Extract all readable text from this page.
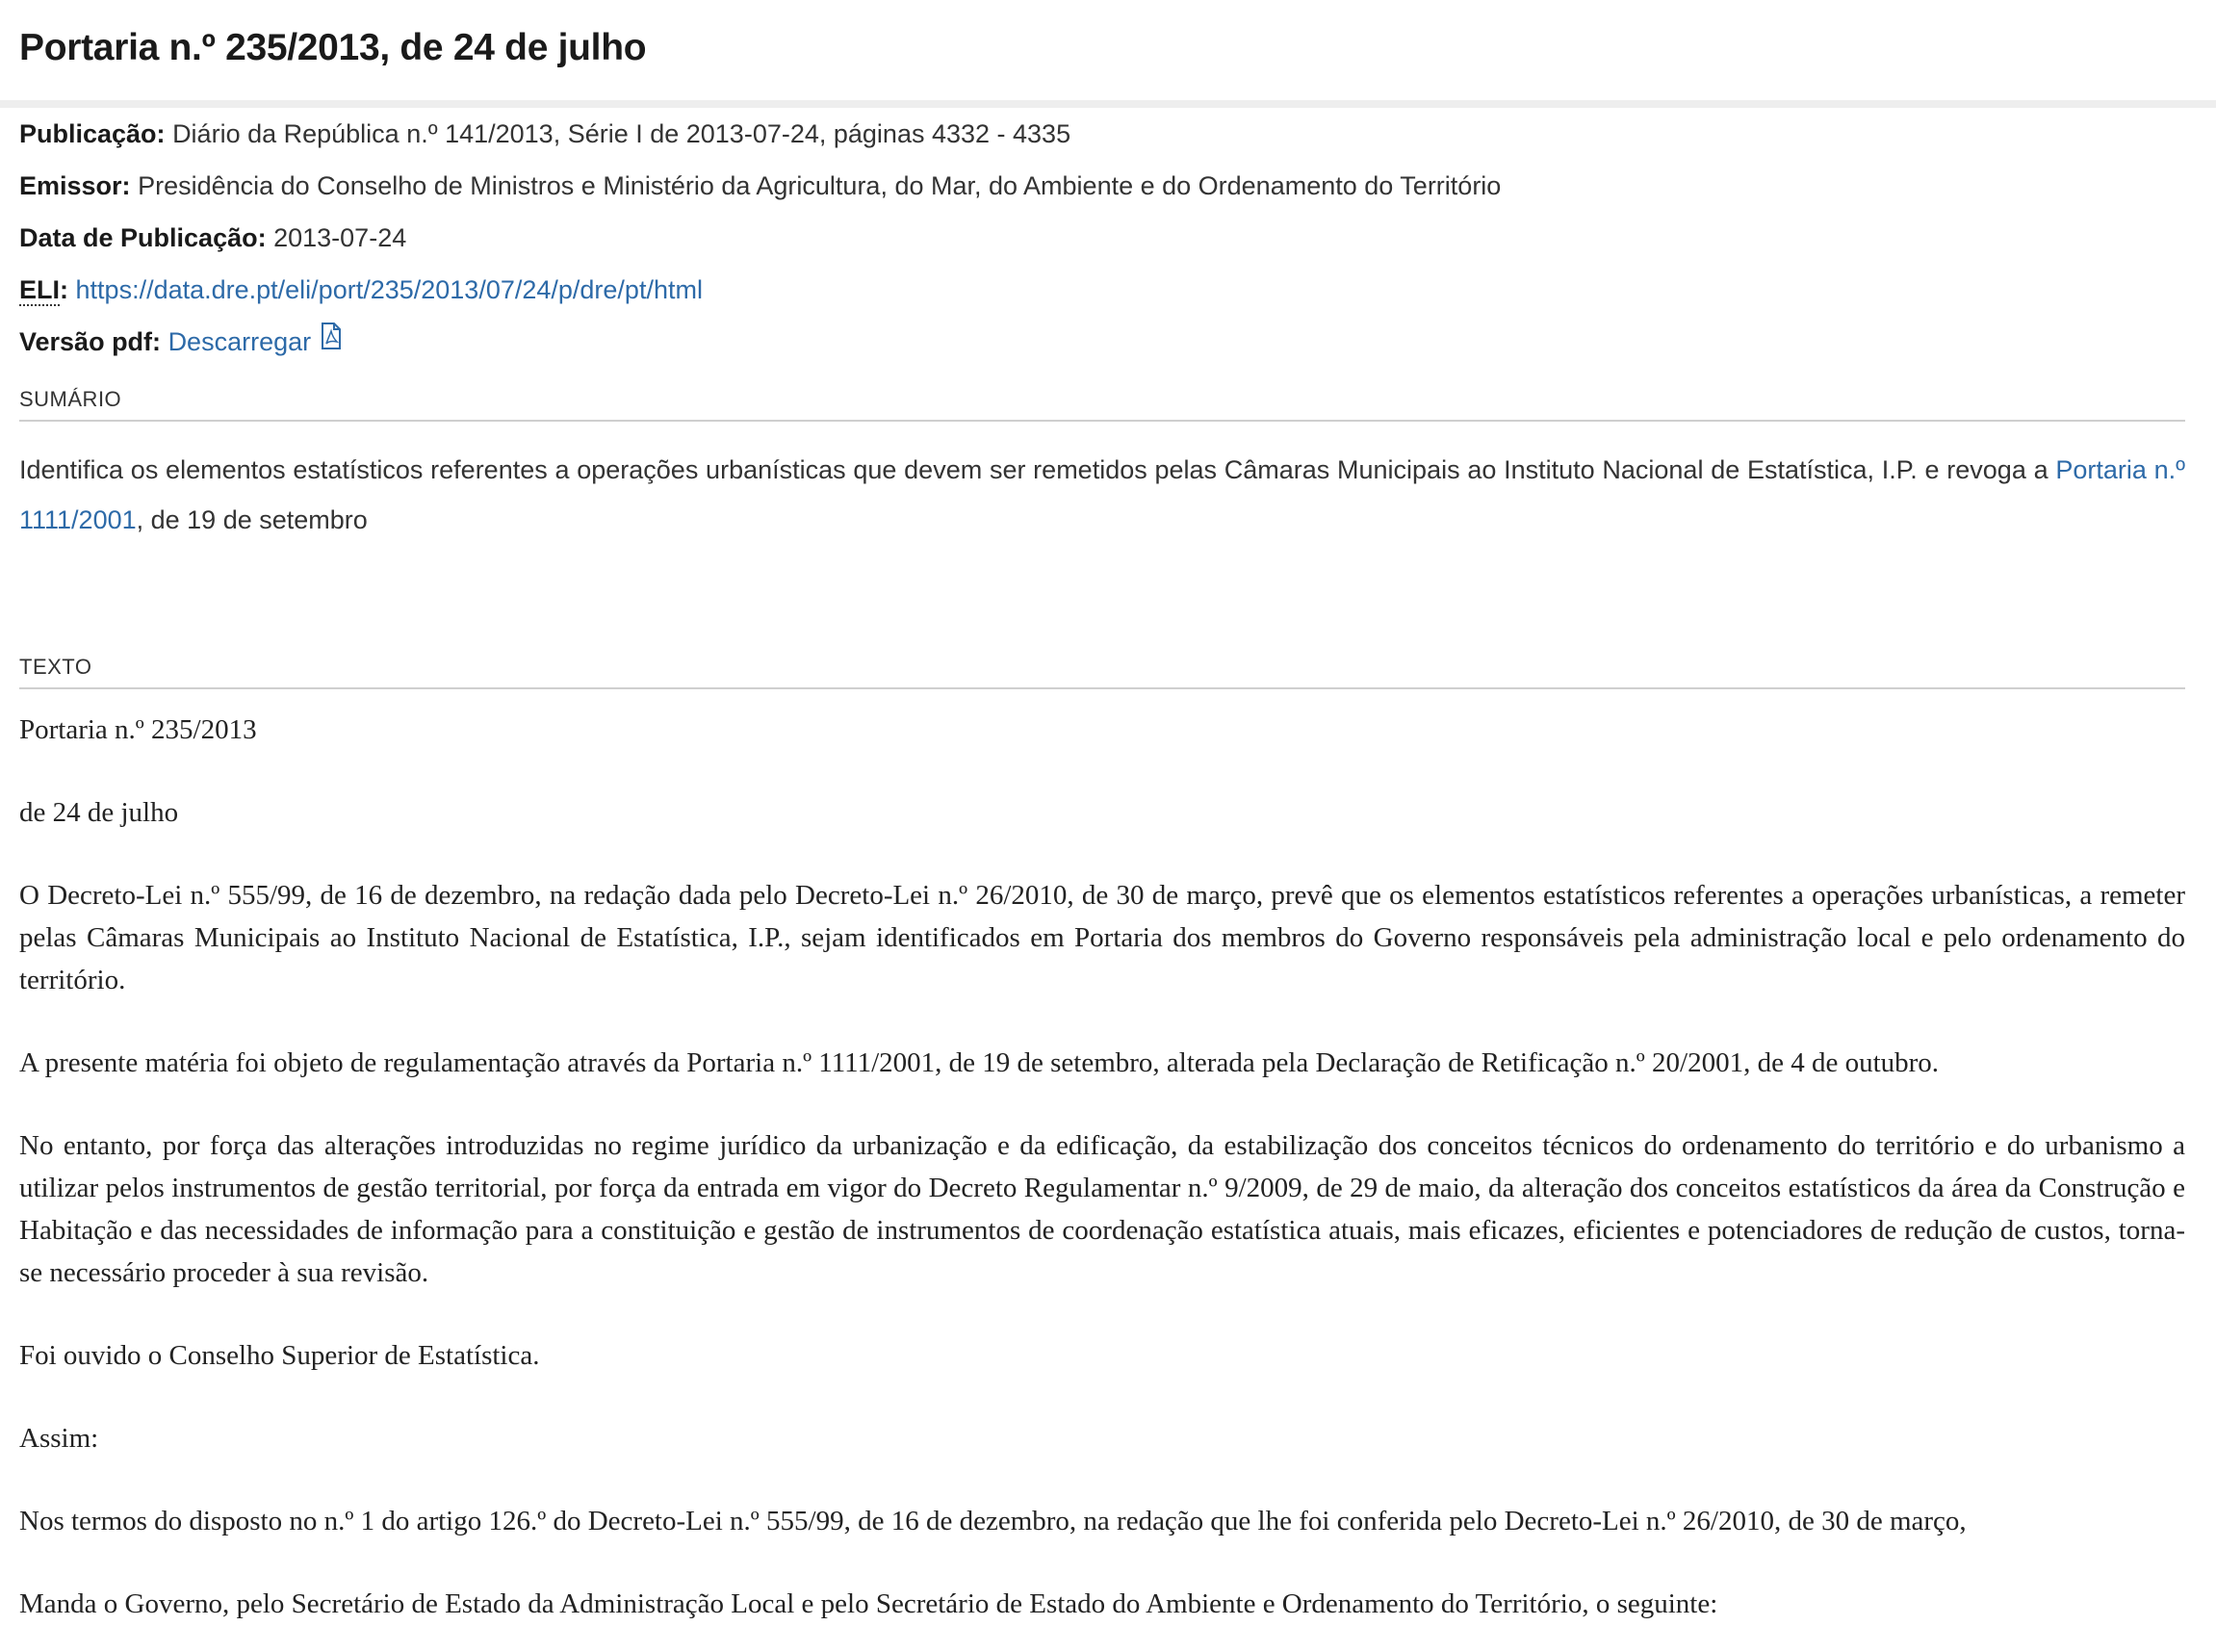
Portaria n.º 235/2013, de 24 de julho
Publicação: Diário da República n.º 141/2013, Série I de 2013-07-24, páginas 4332 - 4335
Emissor: Presidência do Conselho de Ministros e Ministério da Agricultura, do Mar, do Ambiente e do Ordenamento do Território
Data de Publicação: 2013-07-24
ELI: https://data.dre.pt/eli/port/235/2013/07/24/p/dre/pt/html
Versão pdf: Descarregar
SUMÁRIO

Identifica os elementos estatísticos referentes a operações urbanísticas que devem ser remetidos pelas Câmaras Municipais ao Instituto Nacional de Estatística, I.P. e revoga a Portaria n.º 1111/2001, de 19 de setembro

TEXTO

Portaria n.º 235/2013

de 24 de julho

O Decreto-Lei n.º 555/99, de 16 de dezembro, na redação dada pelo Decreto-Lei n.º 26/2010, de 30 de março, prevê que os elementos estatísticos referentes a operações urbanísticas, a remeter pelas Câmaras Municipais ao Instituto Nacional de Estatística, I.P., sejam identificados em Portaria dos membros do Governo responsáveis pela administração local e pelo ordenamento do território.

A presente matéria foi objeto de regulamentação através da Portaria n.º 1111/2001, de 19 de setembro, alterada pela Declaração de Retificação n.º 20/2001, de 4 de outubro.

No entanto, por força das alterações introduzidas no regime jurídico da urbanização e da edificação, da estabilização dos conceitos técnicos do ordenamento do território e do urbanismo a utilizar pelos instrumentos de gestão territorial, por força da entrada em vigor do Decreto Regulamentar n.º 9/2009, de 29 de maio, da alteração dos conceitos estatísticos da área da Construção e Habitação e das necessidades de informação para a constituição e gestão de instrumentos de coordenação estatística atuais, mais eficazes, eficientes e potenciadores de redução de custos, torna-se necessário proceder à sua revisão.

Foi ouvido o Conselho Superior de Estatística.

Assim:

Nos termos do disposto no n.º 1 do artigo 126.º do Decreto-Lei n.º 555/99, de 16 de dezembro, na redação que lhe foi conferida pelo Decreto-Lei n.º 26/2010, de 30 de março,

Manda o Governo, pelo Secretário de Estado da Administração Local e pelo Secretário de Estado do Ambiente e Ordenamento do Território, o seguinte:
